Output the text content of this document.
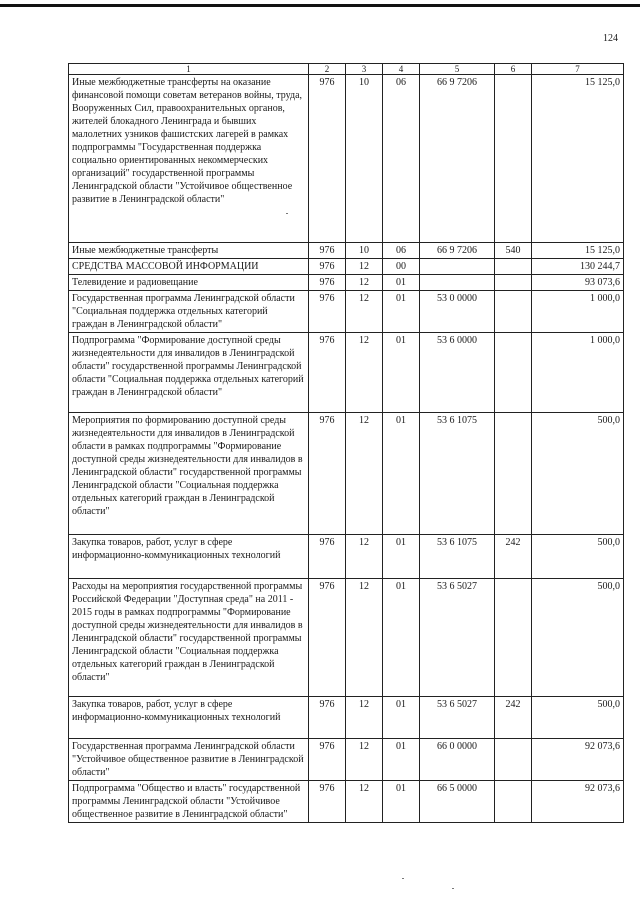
124
1	2	3	4	5	6	7
Иные межбюджетные трансферты на оказание финансовой помощи советам ветеранов войны, труда, Вооруженных Сил, правоохранительных органов, жителей блокадного Ленинграда и бывших малолетних узников фашистских лагерей в рамках подпрограммы "Государственная поддержка социально ориентированных некоммерческих организаций" государственной программы Ленинградской области "Устойчивое общественное развитие в Ленинградской области"	976	10	06	66 9 7206		15 125,0
Иные межбюджетные трансферты	976	10	06	66 9 7206	540	15 125,0
СРЕДСТВА МАССОВОЙ ИНФОРМАЦИИ	976	12	00			130 244,7
Телевидение и радиовещание	976	12	01			93 073,6
Государственная программа Ленинградской области "Социальная поддержка отдельных категорий граждан в Ленинградской области"	976	12	01	53 0 0000		1 000,0
Подпрограмма "Формирование доступной среды жизнедеятельности для инвалидов в Ленинградской области" государственной программы Ленинградской области "Социальная поддержка отдельных категорий граждан в Ленинградской области"	976	12	01	53 6 0000		1 000,0
Мероприятия по формированию доступной среды жизнедеятельности для инвалидов в Ленинградской области в рамках подпрограммы "Формирование доступной среды жизнедеятельности для инвалидов в Ленинградской области" государственной программы Ленинградской области "Социальная поддержка отдельных категорий граждан в Ленинградской области"	976	12	01	53 6 1075		500,0
Закупка товаров, работ, услуг в сфере информационно-коммуникационных технологий	976	12	01	53 6 1075	242	500,0
Расходы на мероприятия государственной программы Российской Федерации "Доступная среда" на 2011 - 2015 годы в рамках подпрограммы "Формирование доступной среды жизнедеятельности для инвалидов в Ленинградской области" государственной программы Ленинградской области "Социальная поддержка отдельных категорий граждан в Ленинградской области"	976	12	01	53 6 5027		500,0
Закупка товаров, работ, услуг в сфере информационно-коммуникационных технологий	976	12	01	53 6 5027	242	500,0
Государственная программа Ленинградской области "Устойчивое общественное развитие в Ленинградской области"	976	12	01	66 0 0000		92 073,6
Подпрограмма "Общество и власть" государственной программы Ленинградской области "Устойчивое общественное развитие в Ленинградской области"	976	12	01	66 5 0000		92 073,6
